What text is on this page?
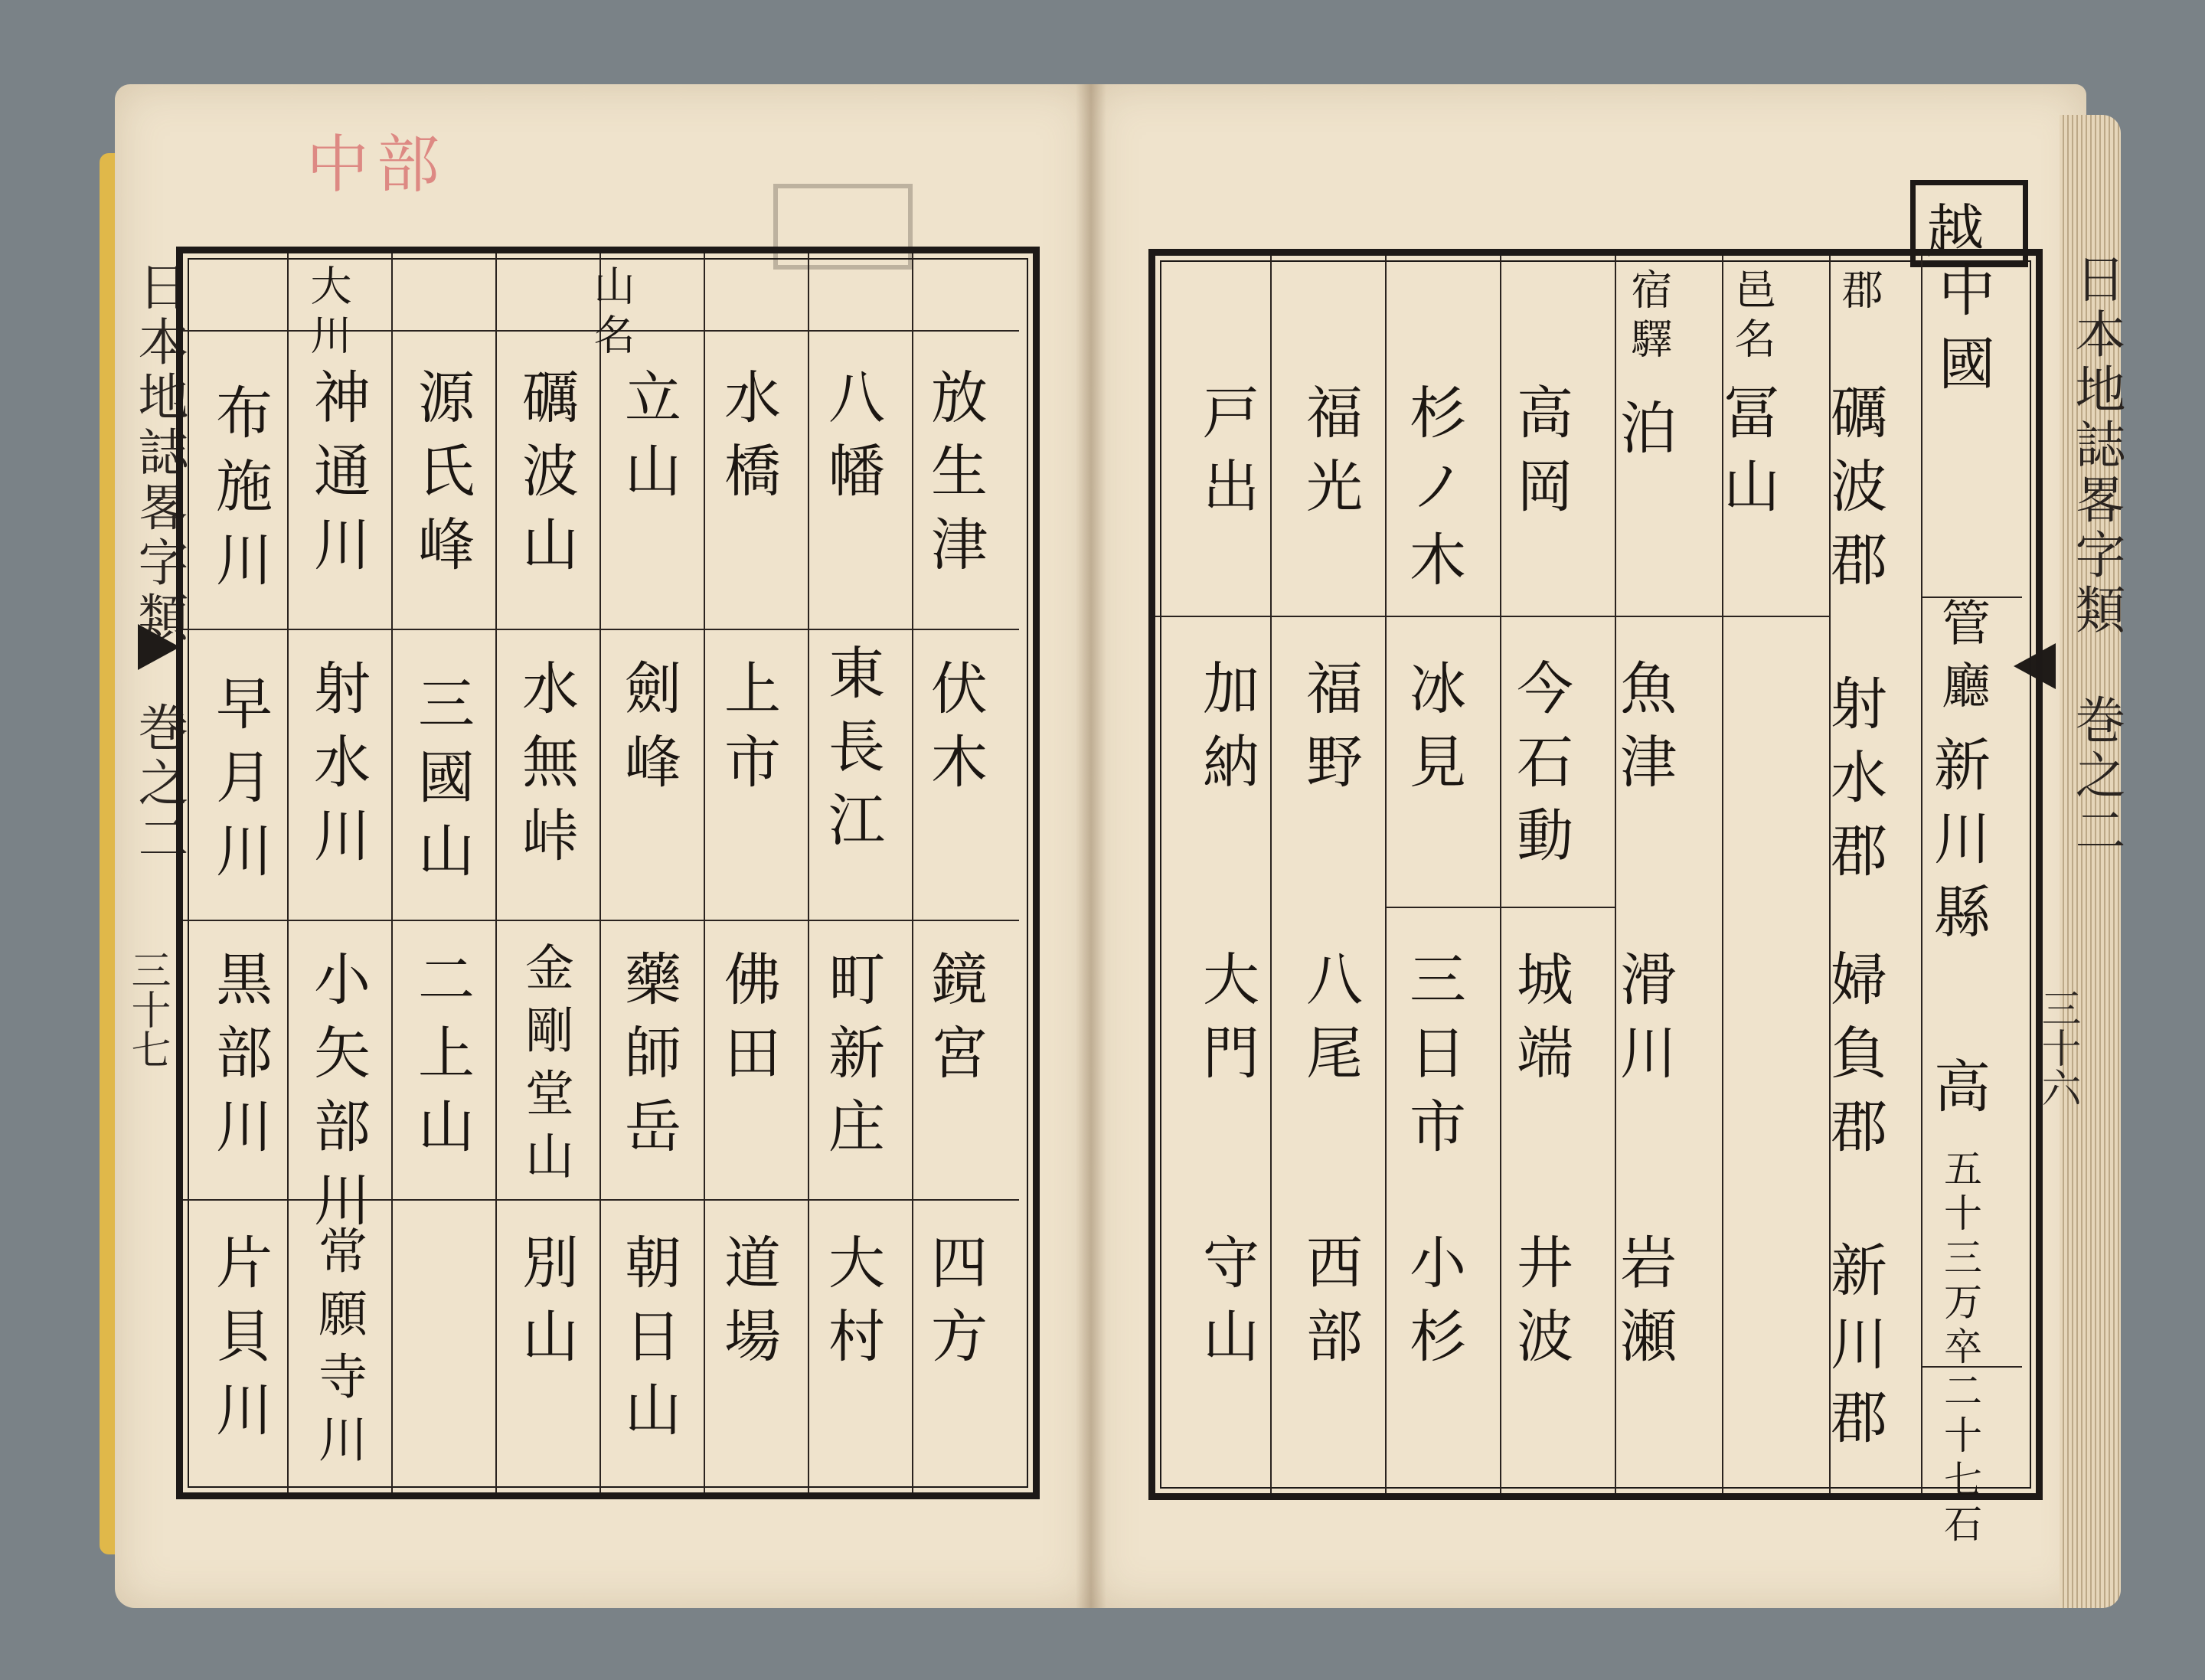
中部
日本地誌畧字類　巻之二
三十七
山名
大川
放生津
伏木
鏡宮
四方
八幡
東長江
町新庄
大村
水橋
上市
佛田
道場
立山
劍峰
藥師岳
朝日山
礪波山
水無峠
金剛堂山
別山
源氏峰
三國山
二上山
神通川
射水川
小矢部川
常願寺川
布施川
早月川
黒部川
片貝川
日本地誌畧字類　巻之二
三十六
越
中國
郡
邑名
宿驛
管廳
新川縣
高
五十三万卒二十七石
礪波郡
射水郡
婦負郡
新川郡
冨山
泊
魚津
滑川
岩瀬
高岡
今石動
城端
井波
杉ノ木
冰見
三日市
小杉
福光
福野
八尾
西部
戸出
加納
大門
守山
